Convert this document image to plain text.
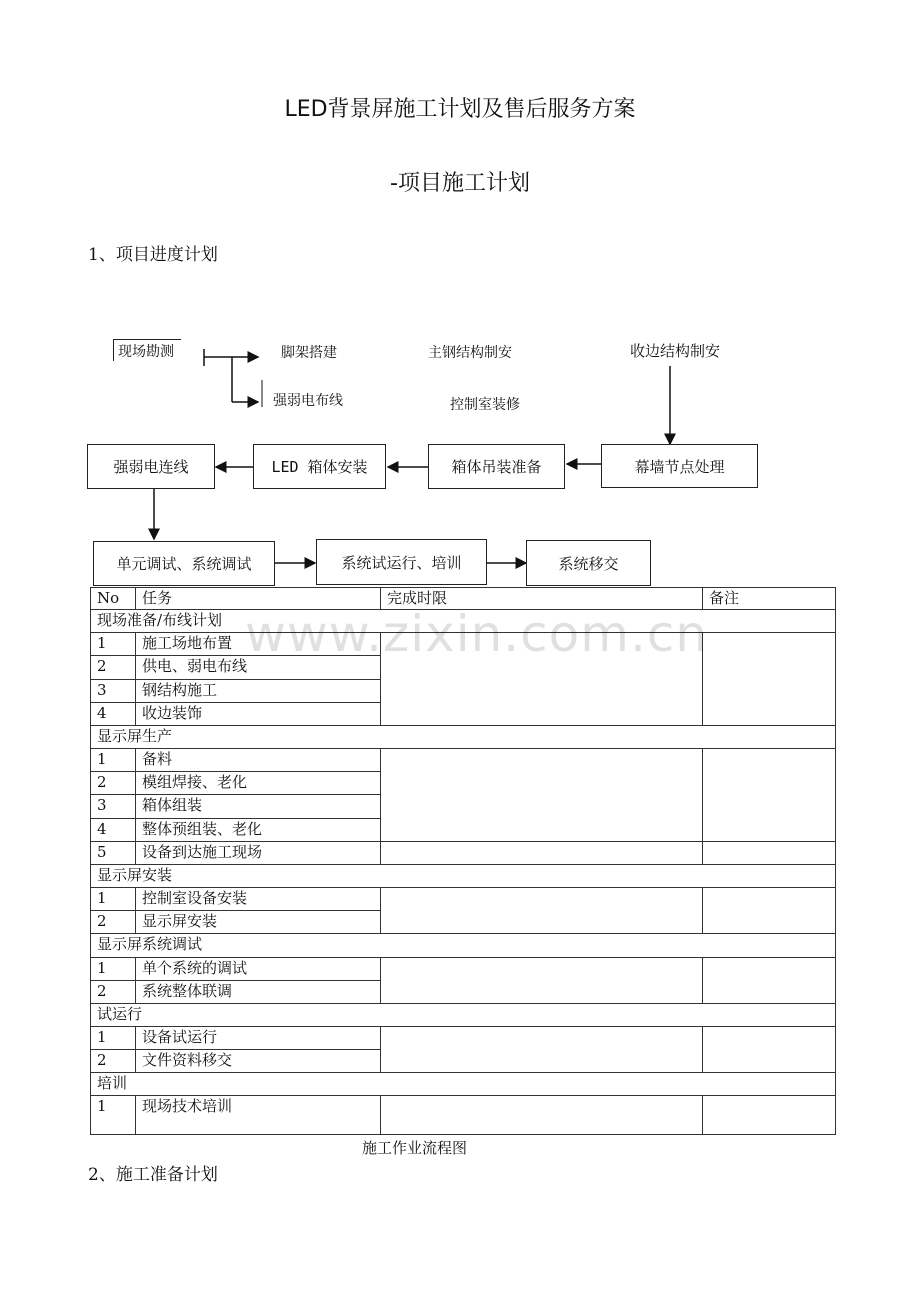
LED背景屏施工计划及售后服务方案
-项目施工计划
1、项目进度计划
现场勘测	脚架搭建
强弱电布线
主钢结构制安
控制室装修
收边结构制安
强弱电连线	LED 箱体安装	箱体吊装准备	幕墙节点处理
单元调试、系统调试	系统试运行、培训	系统移交
No	任务	完成时限	备注
现场准备/布线计划			
1	施工场地布置		
2	供电、弱电布线		
3	钢结构施工		
4	收边装饰		
显示屏生产			
1	备料		
2	模组焊接、老化		
3	箱体组装		
4	整体预组装、老化		
5	设备到达施工现场		
显示屏安装			
1	控制室设备安装		
2	显示屏安装		
显示屏系统调试			
1	单个系统的调试		
2	系统整体联调		
试运行			
1	设备试运行		
2	文件资料移交		
培训			
1	现场技术培训		
www.zixin.com.cn
施工作业流程图
2、施工准备计划
